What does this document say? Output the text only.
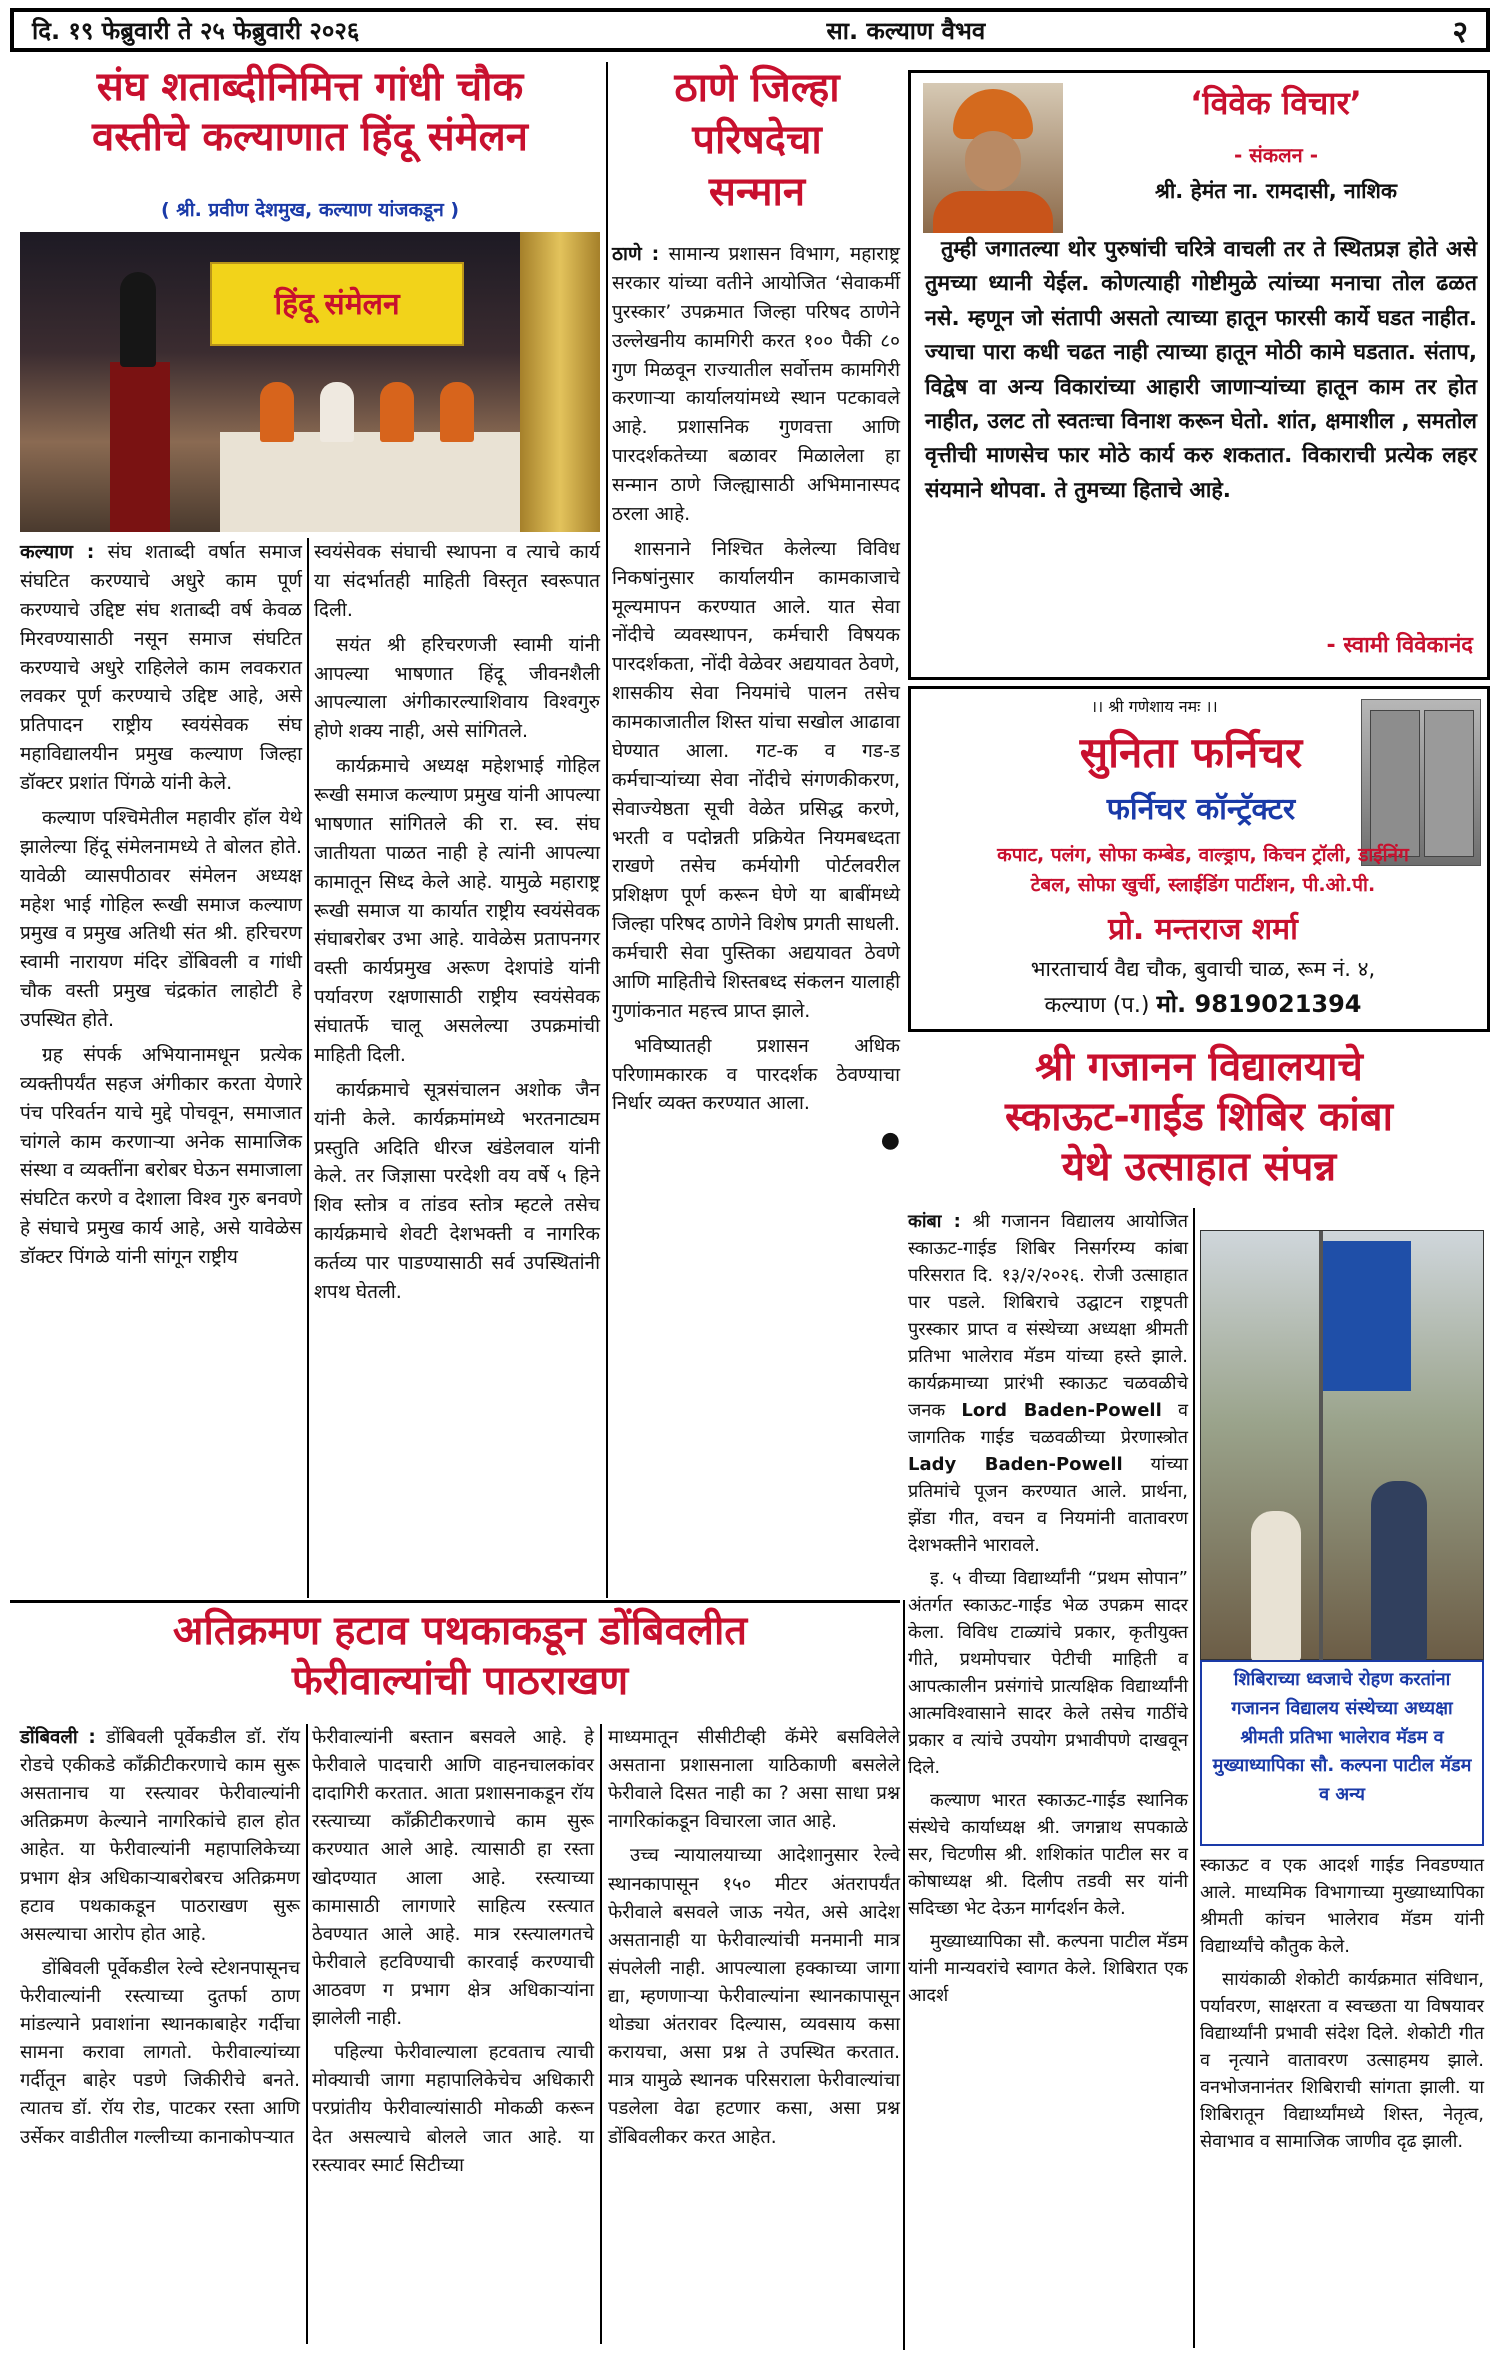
दि. १९ फेब्रुवारी ते २५ फेब्रुवारी २०२६	सा. कल्याण वैभव	२
संघ शताब्दीनिमित्त गांधी चौक
वस्तीचे कल्याणात हिंदू संमेलन
( श्री. प्रवीण देशमुख, कल्याण यांजकडून )
हिंदू संमेलन

कल्याण : संघ शताब्दी वर्षात समाज संघटित करण्याचे अधुरे काम पूर्ण करण्याचे उद्दिष्ट संघ शताब्दी वर्ष केवळ मिरवण्यासाठी नसून समाज संघटित करण्याचे अधुरे राहिलेले काम लवकरात लवकर पूर्ण करण्याचे उद्दिष्ट आहे, असे प्रतिपादन राष्ट्रीय स्वयंसेवक संघ महाविद्यालयीन प्रमुख कल्याण जिल्हा डॉक्टर प्रशांत पिंगळे यांनी केले.

कल्याण पश्चिमेतील महावीर हॉल येथे झालेल्या हिंदू संमेलनामध्ये ते बोलत होते. यावेळी व्यासपीठावर संमेलन अध्यक्ष महेश भाई गोहिल रूखी समाज कल्याण प्रमुख व प्रमुख अतिथी संत श्री. हरिचरण स्वामी नारायण मंदिर डोंबिवली व गांधी चौक वस्ती प्रमुख चंद्रकांत लाहोटी हे उपस्थित होते.

ग्रह संपर्क अभियानामधून प्रत्येक व्यक्तीपर्यंत सहज अंगीकार करता येणारे पंच परिवर्तन याचे मुद्दे पोचवून, समाजात चांगले काम करणाऱ्या अनेक सामाजिक संस्था व व्यक्तींना बरोबर घेऊन समाजाला संघटित करणे व देशाला विश्व गुरु बनवणे हे संघाचे प्रमुख कार्य आहे, असे यावेळेस डॉक्टर पिंगळे यांनी सांगून राष्ट्रीय

स्वयंसेवक संघाची स्थापना व त्याचे कार्य या संदर्भातही माहिती विस्तृत स्वरूपात दिली.

सयंत श्री हरिचरणजी स्वामी यांनी आपल्या भाषणात हिंदू जीवनशैली आपल्याला अंगीकारल्याशिवाय विश्वगुरु होणे शक्य नाही, असे सांगितले.

कार्यक्रमाचे अध्यक्ष महेशभाई गोहिल रूखी समाज कल्याण प्रमुख यांनी आपल्या भाषणात सांगितले की रा. स्व. संघ जातीयता पाळत नाही हे त्यांनी आपल्या कामातून सिध्द केले आहे. यामुळे महाराष्ट्र रूखी समाज या कार्यात राष्ट्रीय स्वयंसेवक संघाबरोबर उभा आहे. यावेळेस प्रतापनगर वस्ती कार्यप्रमुख अरूण देशपांडे यांनी पर्यावरण रक्षणासाठी राष्ट्रीय स्वयंसेवक संघातर्फे चालू असलेल्या उपक्रमांची माहिती दिली.

कार्यक्रमाचे सूत्रसंचालन अशोक जैन यांनी केले. कार्यक्रमांमध्ये भरतनाट्यम प्रस्तुति अदिति धीरज खंडेलवाल यांनी केले. तर जिज्ञासा परदेशी वय वर्षे ५ हिने शिव स्तोत्र व तांडव स्तोत्र म्हटले तसेच कार्यक्रमाचे शेवटी देशभक्ती व नागरिक कर्तव्य पार पाडण्यासाठी सर्व उपस्थितांनी शपथ घेतली.

ठाणे जिल्हा
परिषदेचा
सन्मान

ठाणे : सामान्य प्रशासन विभाग, महाराष्ट्र सरकार यांच्या वतीने आयोजित ‘सेवाकर्मी पुरस्कार’ उपक्रमात जिल्हा परिषद ठाणेने उल्लेखनीय कामगिरी करत १०० पैकी ८० गुण मिळवून राज्यातील सर्वोत्तम कामगिरी करणाऱ्या कार्यालयांमध्ये स्थान पटकावले आहे. प्रशासनिक गुणवत्ता आणि पारदर्शकतेच्या बळावर मिळालेला हा सन्मान ठाणे जिल्ह्यासाठी अभिमानास्पद ठरला आहे.

शासनाने निश्चित केलेल्या विविध निकषांनुसार कार्यालयीन कामकाजाचे मूल्यमापन करण्यात आले. यात सेवा नोंदीचे व्यवस्थापन, कर्मचारी विषयक पारदर्शकता, नोंदी वेळेवर अद्ययावत ठेवणे, शासकीय सेवा नियमांचे पालन तसेच कामकाजातील शिस्त यांचा सखोल आढावा घेण्यात आला. गट-क व गड-ड कर्मचाऱ्यांच्या सेवा नोंदीचे संगणकीकरण, सेवाज्येष्ठता सूची वेळेत प्रसिद्ध करणे, भरती व पदोन्नती प्रक्रियेत नियमबध्दता राखणे तसेच कर्मयोगी पोर्टलवरील प्रशिक्षण पूर्ण करून घेणे या बाबींमध्ये जिल्हा परिषद ठाणेने विशेष प्रगती साधली. कर्मचारी सेवा पुस्तिका अद्ययावत ठेवणे आणि माहितीचे शिस्तबध्द संकलन यालाही गुणांकनात महत्त्व प्राप्त झाले.

भविष्यातही प्रशासन अधिक परिणामकारक व पारदर्शक ठेवण्याचा निर्धार व्यक्त करण्यात आला.

●
‘विवेक विचार’
- संकलन -
श्री. हेमंत ना. रामदासी, नाशिक
तुम्ही जगातल्या थोर पुरुषांची चरित्रे वाचली तर ते स्थितप्रज्ञ होते असे तुमच्या ध्यानी येईल. कोणत्याही गोष्टीमुळे त्यांच्या मनाचा तोल ढळत नसे. म्हणून जो संतापी असतो त्याच्या हातून फारसी कार्ये घडत नाहीत. ज्याचा पारा कधी चढत नाही त्याच्या हातून मोठी कामे घडतात. संताप, विद्वेष वा अन्य विकारांच्या आहारी जाणाऱ्यांच्या हातून काम तर होत नाहीत, उलट तो स्वतःचा विनाश करून घेतो. शांत, क्षमाशील , समतोल वृत्तीची माणसेच फार मोठे कार्य करु शकतात. विकाराची प्रत्येक लहर संयमाने थोपवा. ते तुमच्या हिताचे आहे.
- स्वामी विवेकानंद
।। श्री गणेशाय नमः ।।
सुनिता फर्निचर
फर्निचर कॉन्ट्रॅक्टर
कपाट, पलंग, सोफा कम्बेड, वाल्ड्राप, किचन ट्रॉली, डाईनिंग
टेबल, सोफा खुर्ची, स्लाईडिंग पार्टीशन, पी.ओ.पी.
प्रो. मन्तराज शर्मा
भारताचार्य वैद्य चौक, बुवाची चाळ, रूम नं. ४,
कल्याण (प.) मो. 9819021394
श्री गजानन विद्यालयाचे
स्काऊट-गाईड शिबिर कांबा
येथे उत्साहात संपन्न

कांबा : श्री गजानन विद्यालय आयोजित स्काऊट-गाईड शिबिर निसर्गरम्य कांबा परिसरात दि. १३/२/२०२६. रोजी उत्साहात पार पडले. शिबिराचे उद्घाटन राष्ट्रपती पुरस्कार प्राप्त व संस्थेच्या अध्यक्षा श्रीमती प्रतिभा भालेराव मॅडम यांच्या हस्ते झाले. कार्यक्रमाच्या प्रारंभी स्काऊट चळवळीचे जनक Lord Baden-Powell व जागतिक गाईड चळवळीच्या प्रेरणास्त्रोत Lady Baden-Powell यांच्या प्रतिमांचे पूजन करण्यात आले. प्रार्थना, झेंडा गीत, वचन व नियमांनी वातावरण देशभक्तीने भारावले.

इ. ५ वीच्या विद्यार्थ्यांनी “प्रथम सोपान” अंतर्गत स्काऊट-गाईड भेळ उपक्रम सादर केला. विविध टाळ्यांचे प्रकार, कृतीयुक्त गीते, प्रथमोपचार पेटीची माहिती व आपत्कालीन प्रसंगांचे प्रात्यक्षिक विद्यार्थ्यांनी आत्मविश्वासाने सादर केले तसेच गाठींचे प्रकार व त्यांचे उपयोग प्रभावीपणे दाखवून दिले.

कल्याण भारत स्काऊट-गाईड स्थानिक संस्थेचे कार्याध्यक्ष श्री. जगन्नाथ सपकाळे सर, चिटणीस श्री. शशिकांत पाटील सर व कोषाध्यक्ष श्री. दिलीप तडवी सर यांनी सदिच्छा भेट देऊन मार्गदर्शन केले.

मुख्याध्यापिका सौ. कल्पना पाटील मॅडम यांनी मान्यवरांचे स्वागत केले. शिबिरात एक आदर्श

शिबिराच्या ध्वजाचे रोहण करतांना गजानन विद्यालय संस्थेच्या अध्यक्षा श्रीमती प्रतिभा भालेराव मॅडम व मुख्याध्यापिका सौ. कल्पना पाटील मॅडम व अन्य

स्काऊट व एक आदर्श गाईड निवडण्यात आले. माध्यमिक विभागाच्या मुख्याध्यापिका श्रीमती कांचन भालेराव मॅडम यांनी विद्यार्थ्यांचे कौतुक केले.

सायंकाळी शेकोटी कार्यक्रमात संविधान, पर्यावरण, साक्षरता व स्वच्छता या विषयावर विद्यार्थ्यांनी प्रभावी संदेश दिले. शेकोटी गीत व नृत्याने वातावरण उत्साहमय झाले. वनभोजनानंतर शिबिराची सांगता झाली. या शिबिरातून विद्यार्थ्यांमध्ये शिस्त, नेतृत्व, सेवाभाव व सामाजिक जाणीव दृढ झाली.

अतिक्रमण हटाव पथकाकडून डोंबिवलीत
फेरीवाल्यांची पाठराखण

डोंबिवली : डोंबिवली पूर्वेकडील डॉ. रॉय रोडचे एकीकडे काँक्रीटीकरणाचे काम सुरू असतानाच या रस्त्यावर फेरीवाल्यांनी अतिक्रमण केल्याने नागरिकांचे हाल होत आहेत. या फेरीवाल्यांनी महापालिकेच्या प्रभाग क्षेत्र अधिकाऱ्याबरोबरच अतिक्रमण हटाव पथकाकडून पाठराखण सुरू असल्याचा आरोप होत आहे.

डोंबिवली पूर्वेकडील रेल्वे स्टेशनपासूनच फेरीवाल्यांनी रस्त्याच्या दुतर्फा ठाण मांडल्याने प्रवाशांना स्थानकाबाहेर गर्दीचा सामना करावा लागतो. फेरीवाल्यांच्या गर्दीतून बाहेर पडणे जिकीरीचे बनते. त्यातच डॉ. रॉय रोड, पाटकर रस्ता आणि उर्सेकर वाडीतील गल्लीच्या कानाकोपऱ्यात

फेरीवाल्यांनी बस्तान बसवले आहे. हे फेरीवाले पादचारी आणि वाहनचालकांवर दादागिरी करतात. आता प्रशासनाकडून रॉय रस्त्याच्या काँक्रीटीकरणाचे काम सुरू करण्यात आले आहे. त्यासाठी हा रस्ता खोदण्यात आला आहे. रस्त्याच्या कामासाठी लागणारे साहित्य रस्त्यात ठेवण्यात आले आहे. मात्र रस्त्यालगतचे फेरीवाले हटविण्याची कारवाई करण्याची आठवण ग प्रभाग क्षेत्र अधिकाऱ्यांना झालेली नाही.

पहिल्या फेरीवाल्याला हटवताच त्याची मोक्याची जागा महापालिकेचेच अधिकारी परप्रांतीय फेरीवाल्यांसाठी मोकळी करून देत असल्याचे बोलले जात आहे. या रस्त्यावर स्मार्ट सिटीच्या

माध्यमातून सीसीटीव्ही कॅमेरे बसविलेले असताना प्रशासनाला याठिकाणी बसलेले फेरीवाले दिसत नाही का ? असा साधा प्रश्न नागरिकांकडून विचारला जात आहे.

उच्च न्यायालयाच्या आदेशानुसार रेल्वे स्थानकापासून १५० मीटर अंतरापर्यंत फेरीवाले बसवले जाऊ नयेत, असे आदेश असतानाही या फेरीवाल्यांची मनमानी मात्र संपलेली नाही. आपल्याला हक्काच्या जागा द्या, म्हणणाऱ्या फेरीवाल्यांना स्थानकापासून थोड्या अंतरावर दिल्यास, व्यवसाय कसा करायचा, असा प्रश्न ते उपस्थित करतात. मात्र यामुळे स्थानक परिसराला फेरीवाल्यांचा पडलेला वेढा हटणार कसा, असा प्रश्न डोंबिवलीकर करत आहेत.
